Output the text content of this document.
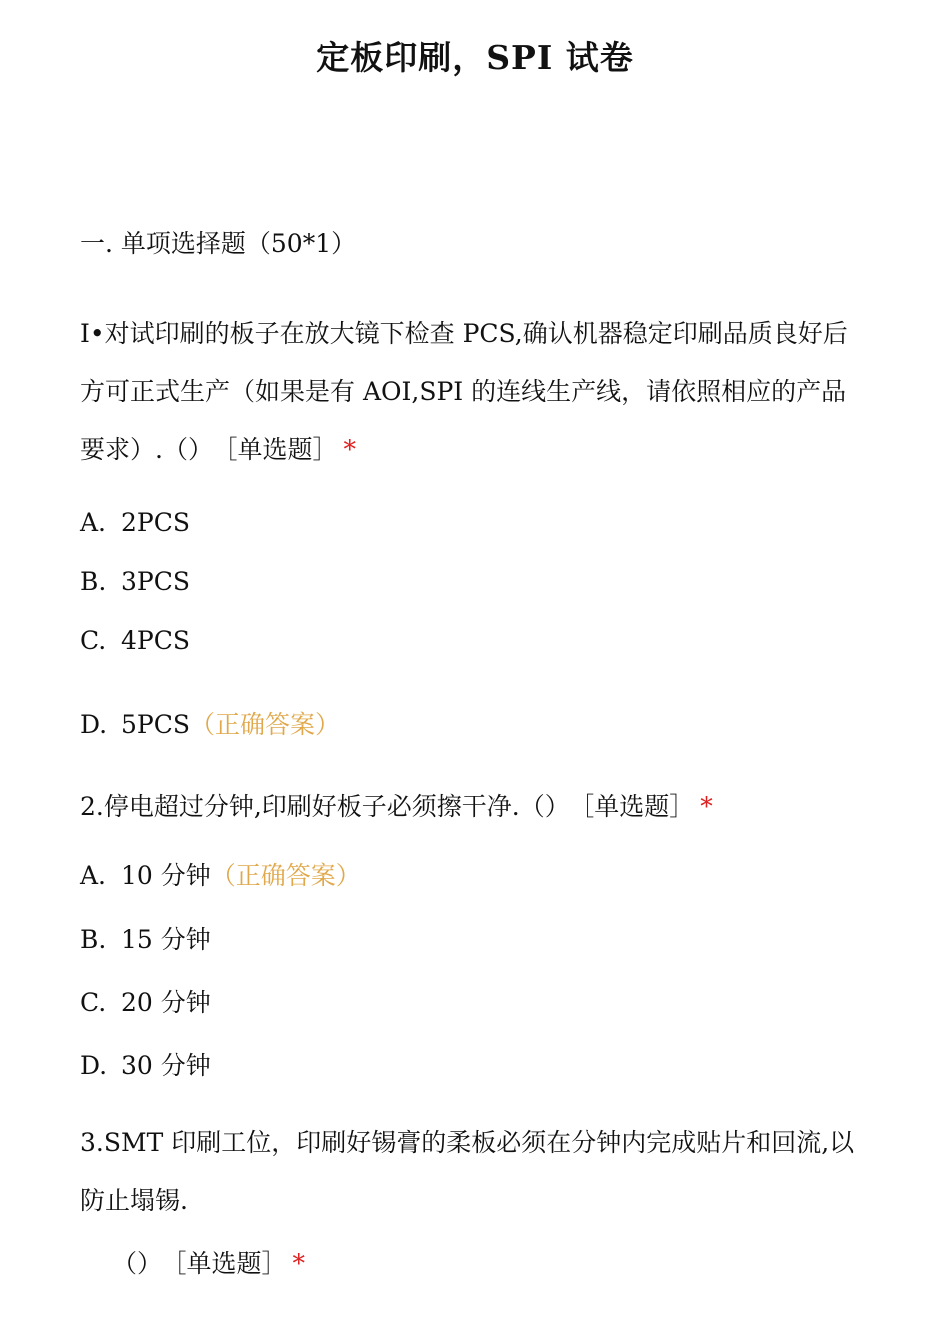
定板印刷，SPI 试卷
一. 单项选择题（50*1）
I•对试印刷的板子在放大镜下检查 PCS,确认机器稳定印刷品质良好后方可正式生产（如果是有 AOI,SPI 的连线生产线，请依照相应的产品要求）.（） ［单选题］ *
A. 2PCS
B. 3PCS
C. 4PCS
D. 5PCS（正确答案）
2.停电超过分钟,印刷好板子必须擦干净.（） ［单选题］ *
A. 10 分钟（正确答案）
B. 15 分钟
C. 20 分钟
D. 30 分钟
3.SMT 印刷工位，印刷好锡膏的柔板必须在分钟内完成贴片和回流,以防止塌锡.
（） ［单选题］ *
